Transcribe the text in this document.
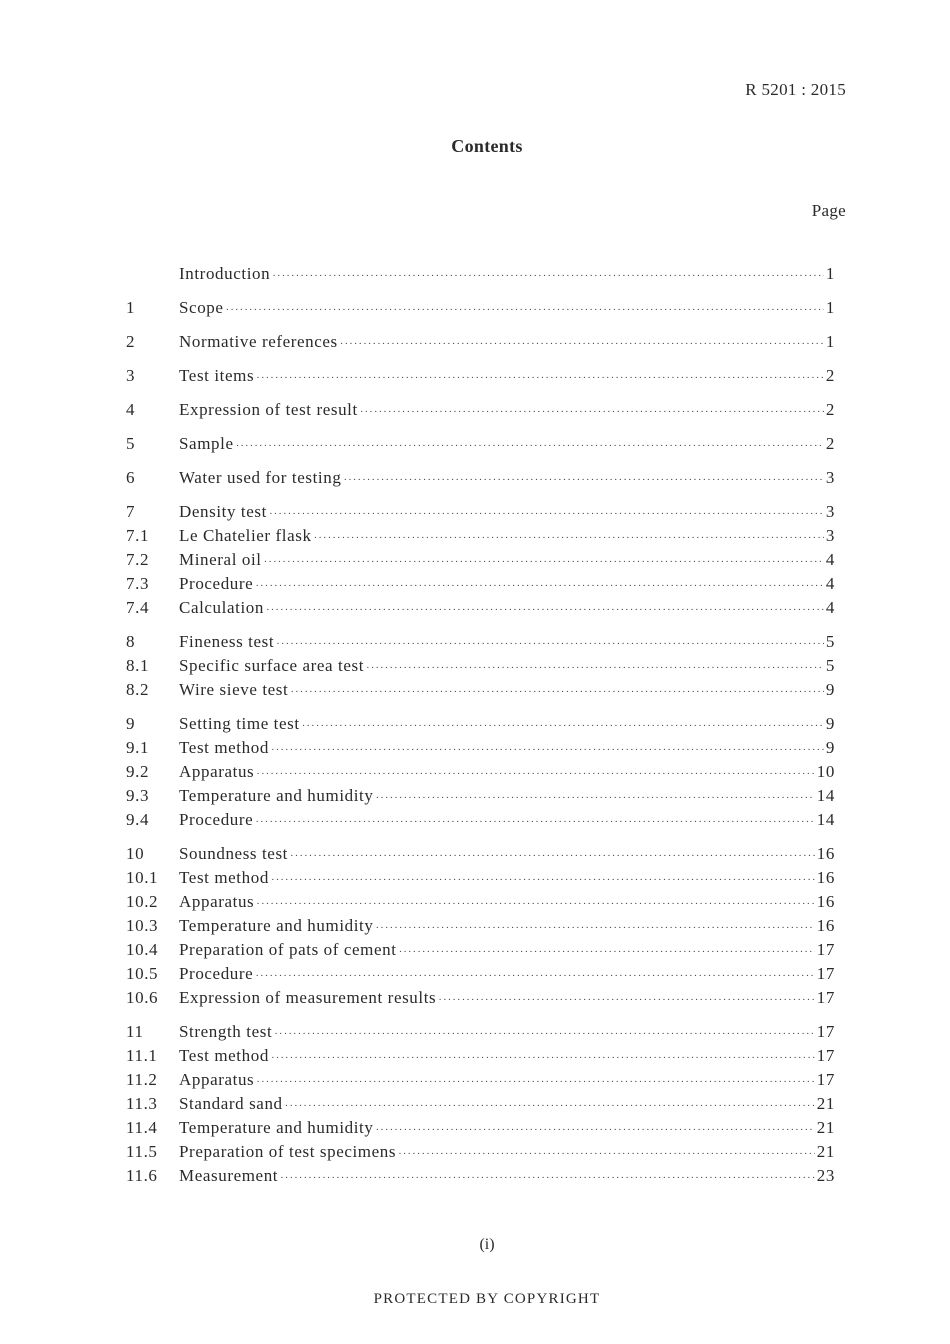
R 5201 : 2015
Contents
Page
Introduction ·····	1
1	Scope ·····	1
2	Normative references ·····	1
3	Test items ·····	2
4	Expression of test result ·····	2
5	Sample ·····	2
6	Water used for testing ·····	3
7	Density test ·····	3
7.1	Le Chatelier flask ·····	3
7.2	Mineral oil ·····	4
7.3	Procedure ·····	4
7.4	Calculation ·····	4
8	Fineness test ·····	5
8.1	Specific surface area test ·····	5
8.2	Wire sieve test ·····	9
9	Setting time test ·····	9
9.1	Test method ·····	9
9.2	Apparatus ·····	10
9.3	Temperature and humidity ·····	14
9.4	Procedure ·····	14
10	Soundness test ·····	16
10.1	Test method ·····	16
10.2	Apparatus ·····	16
10.3	Temperature and humidity ·····	16
10.4	Preparation of pats of cement ·····	17
10.5	Procedure ·····	17
10.6	Expression of measurement results ·····	17
11	Strength test ·····	17
11.1	Test method ·····	17
11.2	Apparatus ·····	17
11.3	Standard sand ·····	21
11.4	Temperature and humidity ·····	21
11.5	Preparation of test specimens ·····	21
11.6	Measurement ·····	23
(i)
PROTECTED BY COPYRIGHT
